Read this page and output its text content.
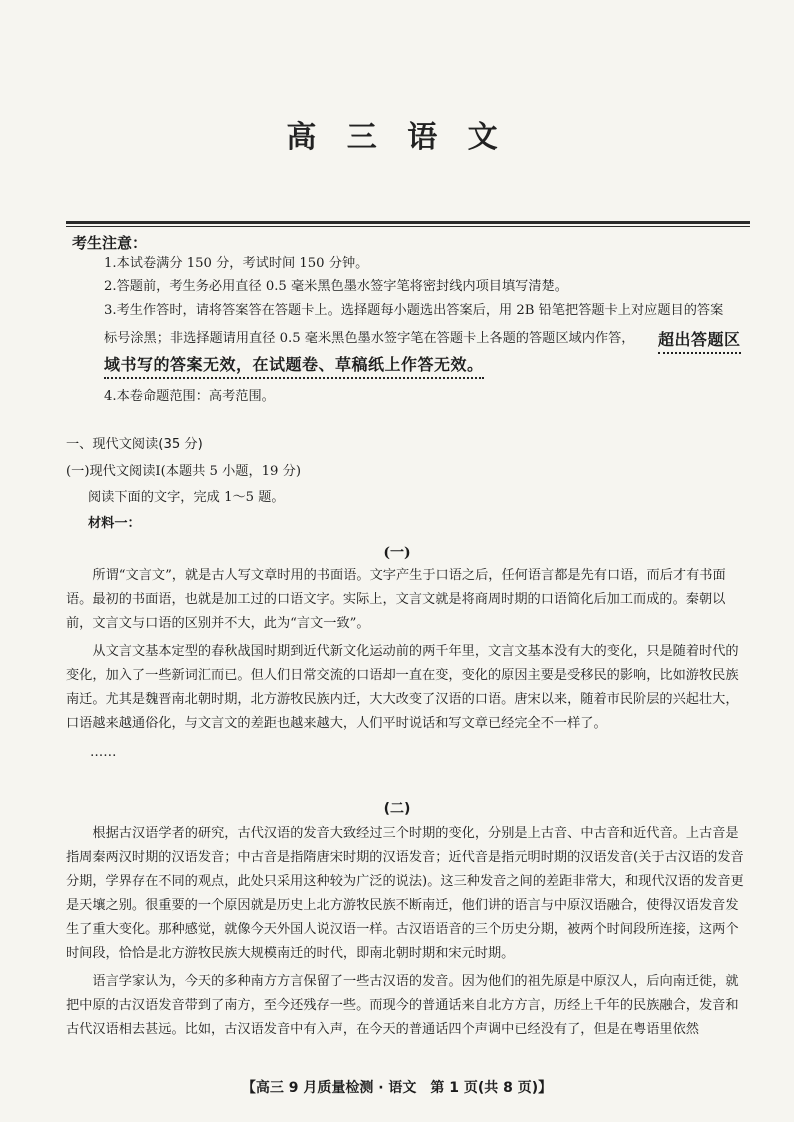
高 三 语 文
考生注意：
1.本试卷满分 150 分，考试时间 150 分钟。
2.答题前，考生务必用直径 0.5 毫米黑色墨水签字笔将密封线内项目填写清楚。
3.考生作答时，请将答案答在答题卡上。选择题每小题选出答案后，用 2B 铅笔把答题卡上对应题目的答案
标号涂黑；非选择题请用直径 0.5 毫米黑色墨水签字笔在答题卡上各题的答题区域内作答， 超出答题区
域书写的答案无效，在试题卷、草稿纸上作答无效。
4.本卷命题范围：高考范围。
一、现代文阅读(35 分)
(一)现代文阅读Ⅰ(本题共 5 小题，19 分)
阅读下面的文字，完成 1～5 题。
材料一：
(一)

所谓“文言文”，就是古人写文章时用的书面语。文字产生于口语之后，任何语言都是先有口语，而后才有书面语。最初的书面语，也就是加工过的口语文字。实际上，文言文就是将商周时期的口语简化后加工而成的。秦朝以前，文言文与口语的区别并不大，此为“言文一致”。

从文言文基本定型的春秋战国时期到近代新文化运动前的两千年里，文言文基本没有大的变化，只是随着时代的变化，加入了一些新词汇而已。但人们日常交流的口语却一直在变，变化的原因主要是受移民的影响，比如游牧民族南迁。尤其是魏晋南北朝时期，北方游牧民族内迁，大大改变了汉语的口语。唐宋以来，随着市民阶层的兴起壮大，口语越来越通俗化，与文言文的差距也越来越大，人们平时说话和写文章已经完全不一样了。

……
(二)

根据古汉语学者的研究，古代汉语的发音大致经过三个时期的变化，分别是上古音、中古音和近代音。上古音是指周秦两汉时期的汉语发音；中古音是指隋唐宋时期的汉语发音；近代音是指元明时期的汉语发音(关于古汉语的发音分期，学界存在不同的观点，此处只采用这种较为广泛的说法)。这三种发音之间的差距非常大，和现代汉语的发音更是天壤之别。很重要的一个原因就是历史上北方游牧民族不断南迁，他们讲的语言与中原汉语融合，使得汉语发音发生了重大变化。那种感觉，就像今天外国人说汉语一样。古汉语语音的三个历史分期，被两个时间段所连接，这两个时间段，恰恰是北方游牧民族大规模南迁的时代，即南北朝时期和宋元时期。

语言学家认为，今天的多种南方方言保留了一些古汉语的发音。因为他们的祖先原是中原汉人，后向南迁徙，就把中原的古汉语发音带到了南方，至今还残存一些。而现今的普通话来自北方方言，历经上千年的民族融合，发音和古代汉语相去甚远。比如，古汉语发音中有入声，在今天的普通话四个声调中已经没有了，但是在粤语里依然

【高三 9 月质量检测 · 语文　第 1 页(共 8 页)】
